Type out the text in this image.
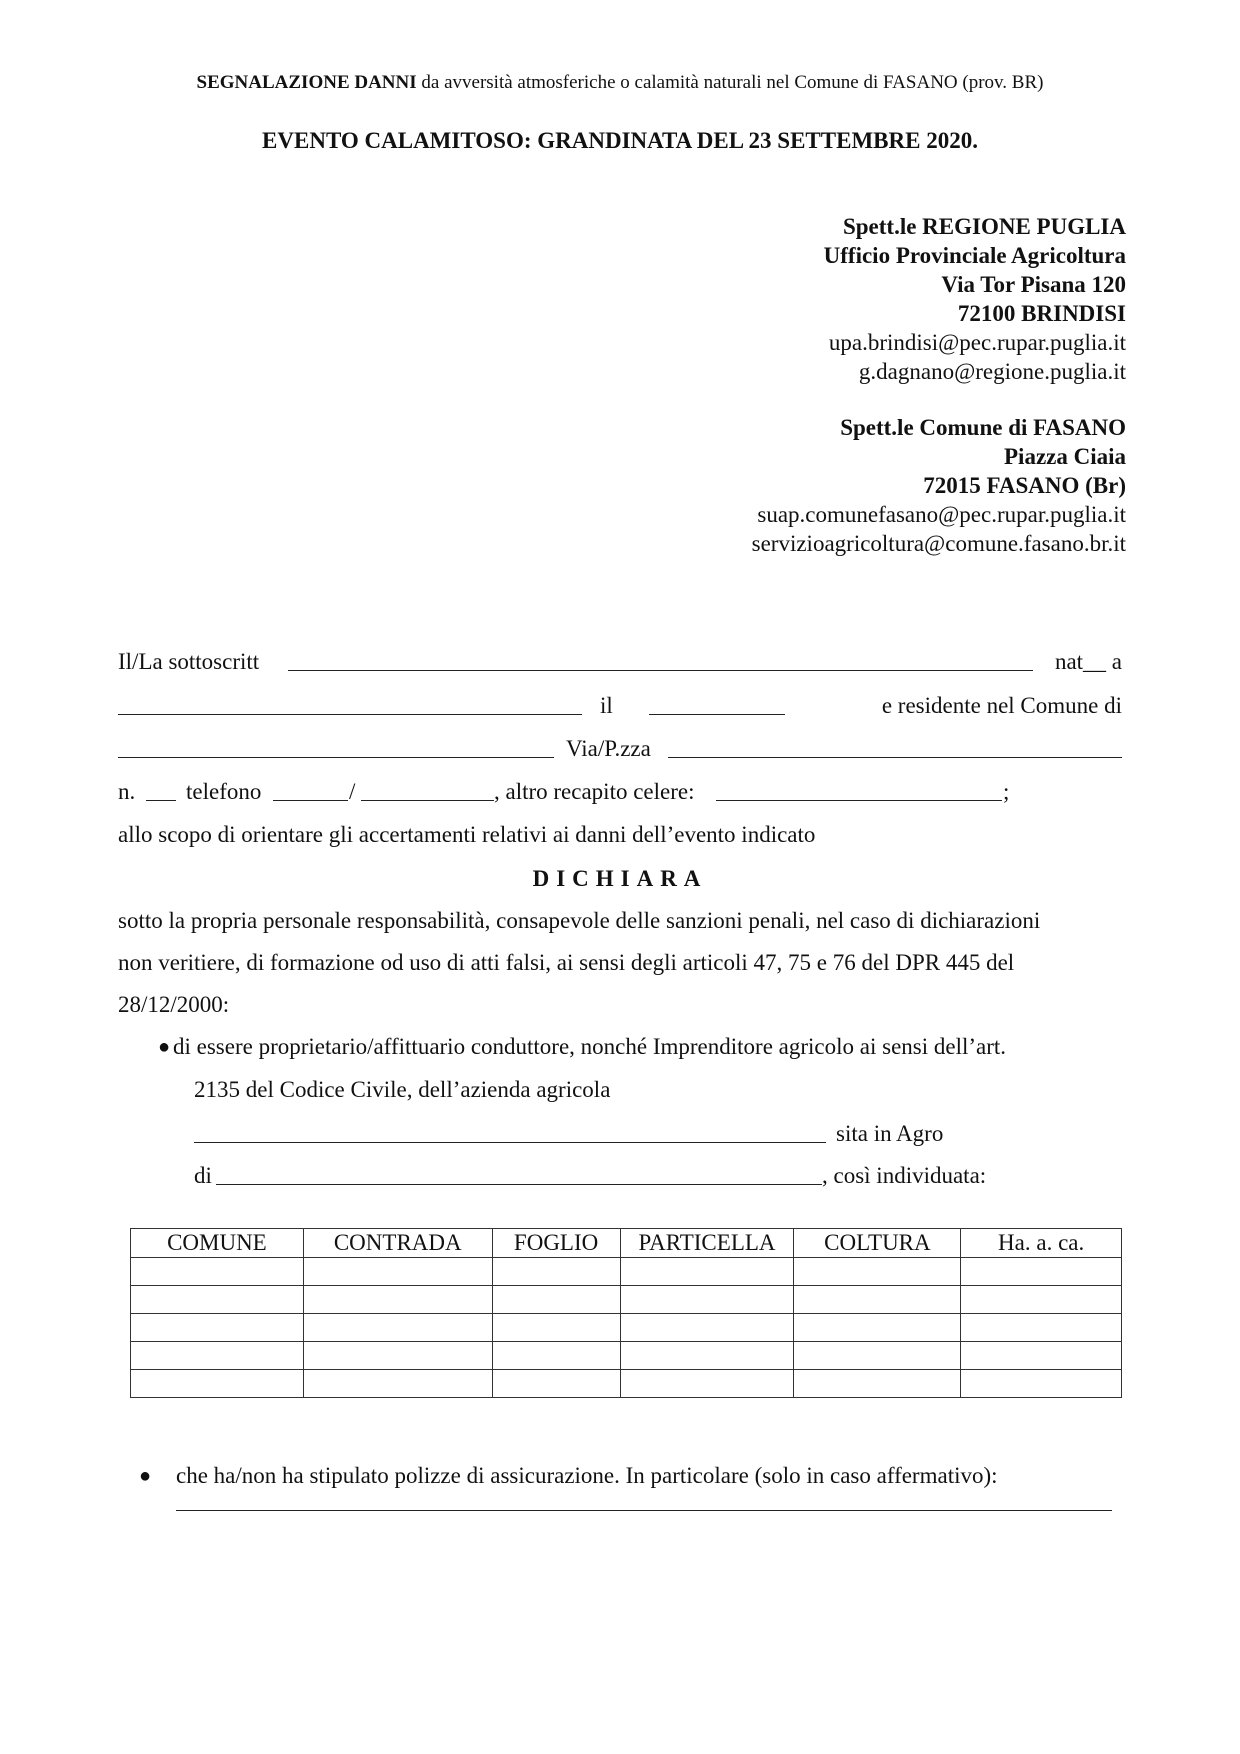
SEGNALAZIONE DANNI da avversità atmosferiche o calamità naturali nel Comune di FASANO (prov. BR)
EVENTO CALAMITOSO: GRANDINATA DEL 23 SETTEMBRE 2020.
Spett.le REGIONE PUGLIA
Ufficio Provinciale Agricoltura
Via Tor Pisana 120
72100 BRINDISI
upa.brindisi@pec.rupar.puglia.it
g.dagnano@regione.puglia.it
Spett.le Comune di FASANO
Piazza Ciaia
72015 FASANO (Br)
suap.comunefasano@pec.rupar.puglia.it
servizioagricoltura@comune.fasano.br.it
Il/La sottoscritt	nat__ a
il	e residente nel Comune di
Via/P.zza
n. telefono	/	, altro recapito celere:	;
allo scopo di orientare gli accertamenti relativi ai danni dell’evento indicato
DICHIARA
sotto la propria personale responsabilità, consapevole delle sanzioni penali, nel caso di dichiarazioni
non veritiere, di formazione od uso di atti falsi, ai sensi degli articoli 47, 75 e 76 del DPR 445 del
28/12/2000:
● di essere proprietario/affittuario conduttore, nonché Imprenditore agricolo ai sensi dell’art.
2135 del Codice Civile, dell’azienda agricola
sita in Agro
di	, così individuata:
COMUNE	CONTRADA	FOGLIO	PARTICELLA	COLTURA	Ha. a. ca.

● che ha/non ha stipulato polizze di assicurazione. In particolare (solo in caso affermativo):
